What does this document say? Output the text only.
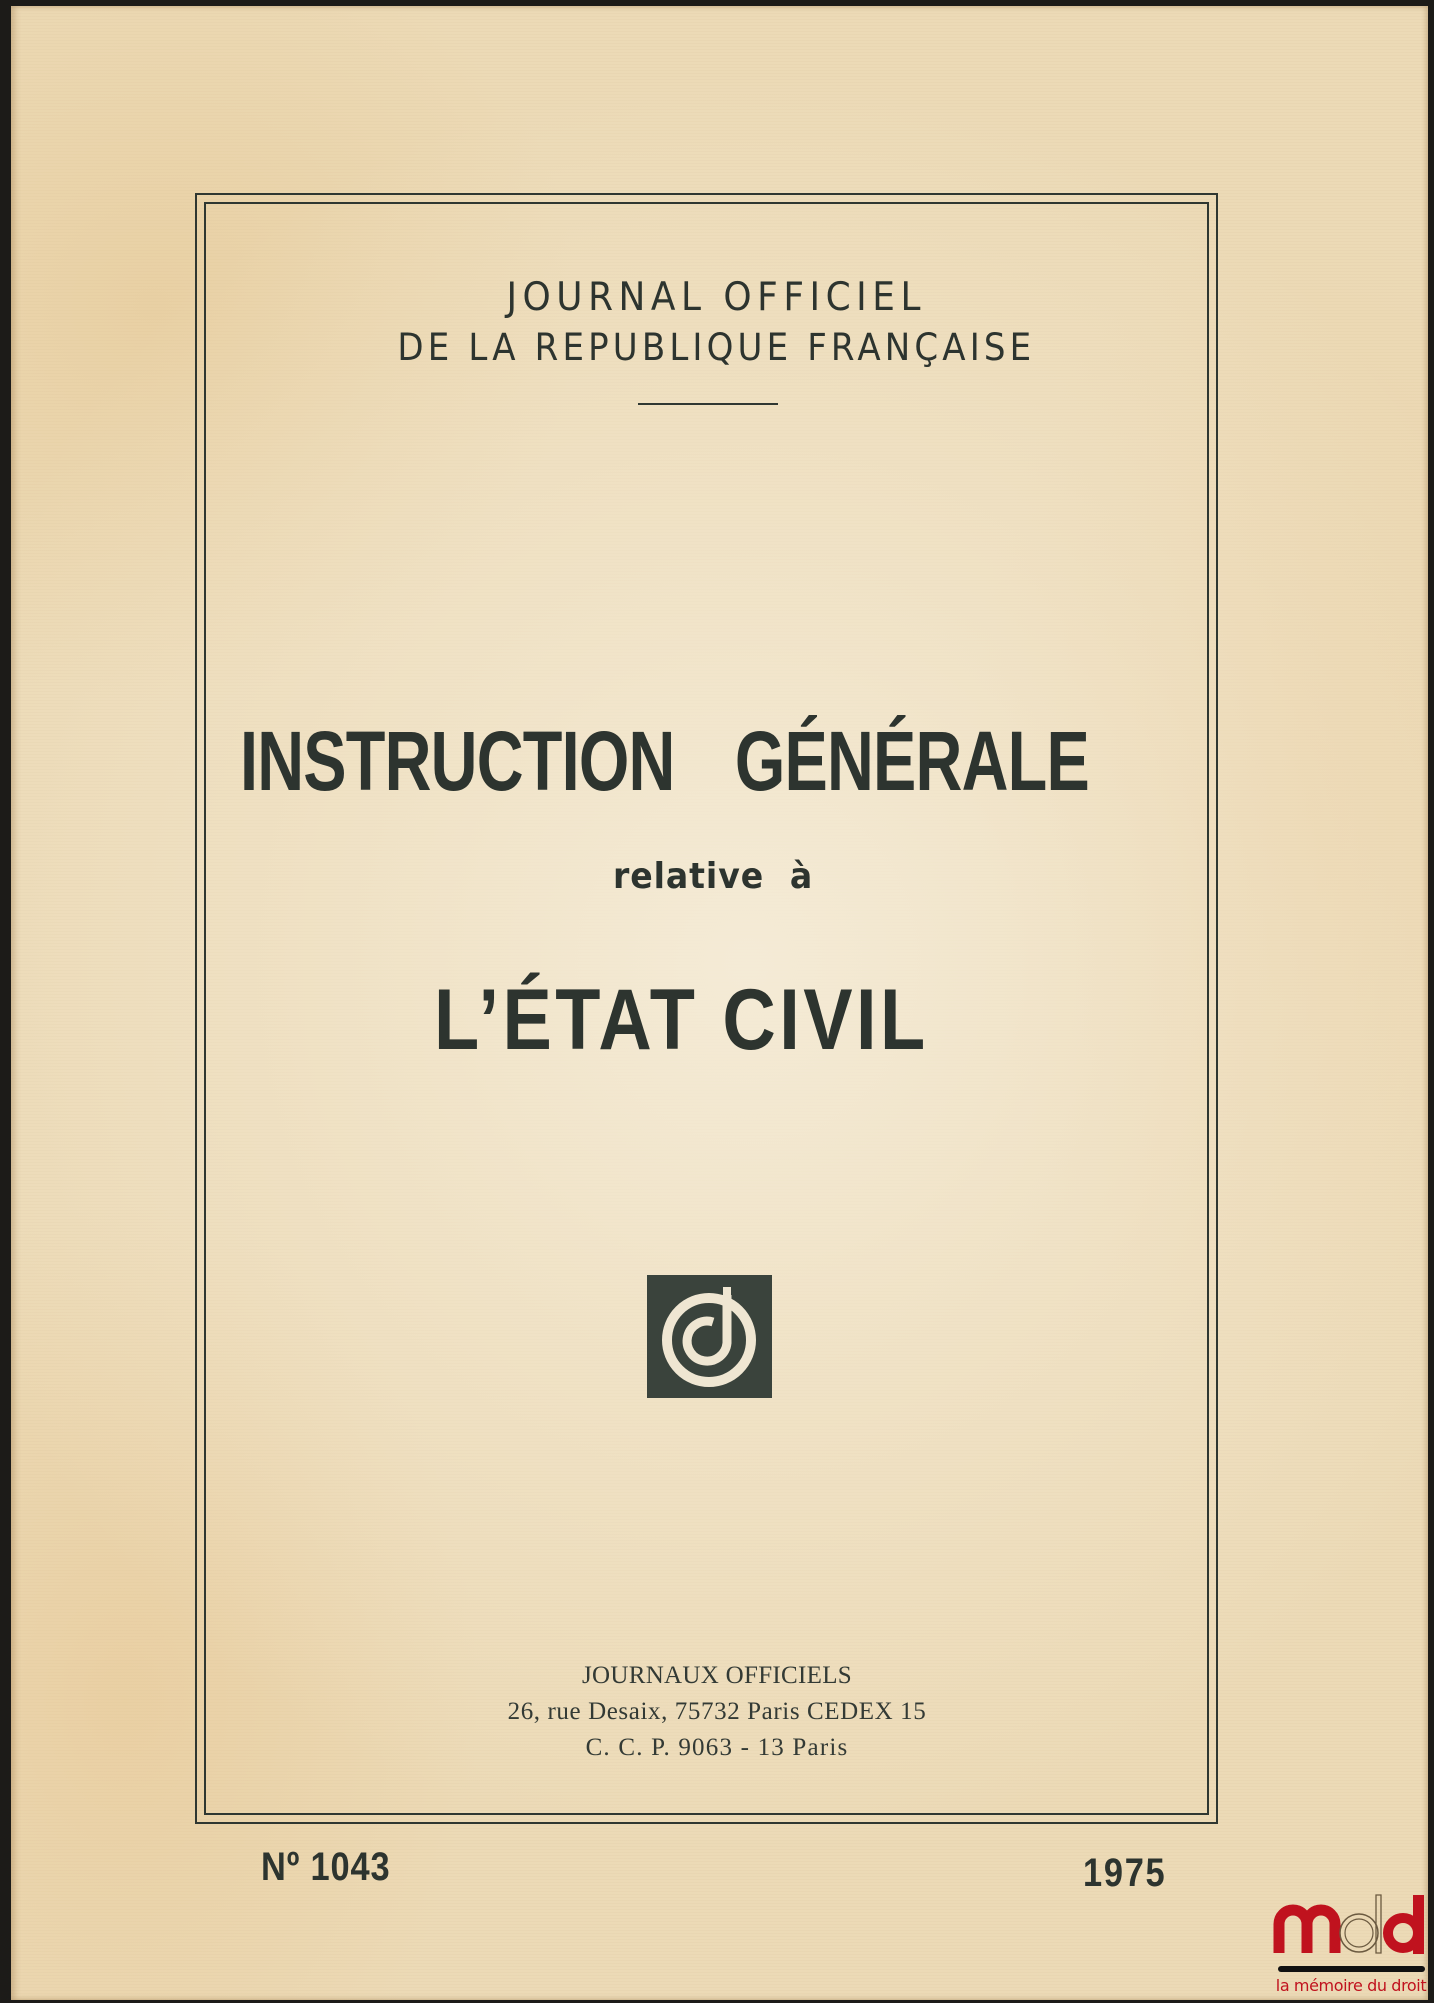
JOURNAL OFFICIEL
DE LA REPUBLIQUE FRANÇAISE
INSTRUCTION GÉNÉRALE
relative à
L’ÉTAT CIVIL
JOURNAUX OFFICIELS
26, rue Desaix, 75732 Paris CEDEX 15
C. C. P. 9063 - 13 Paris
Nº 1043	1975
la mémoire du droit
